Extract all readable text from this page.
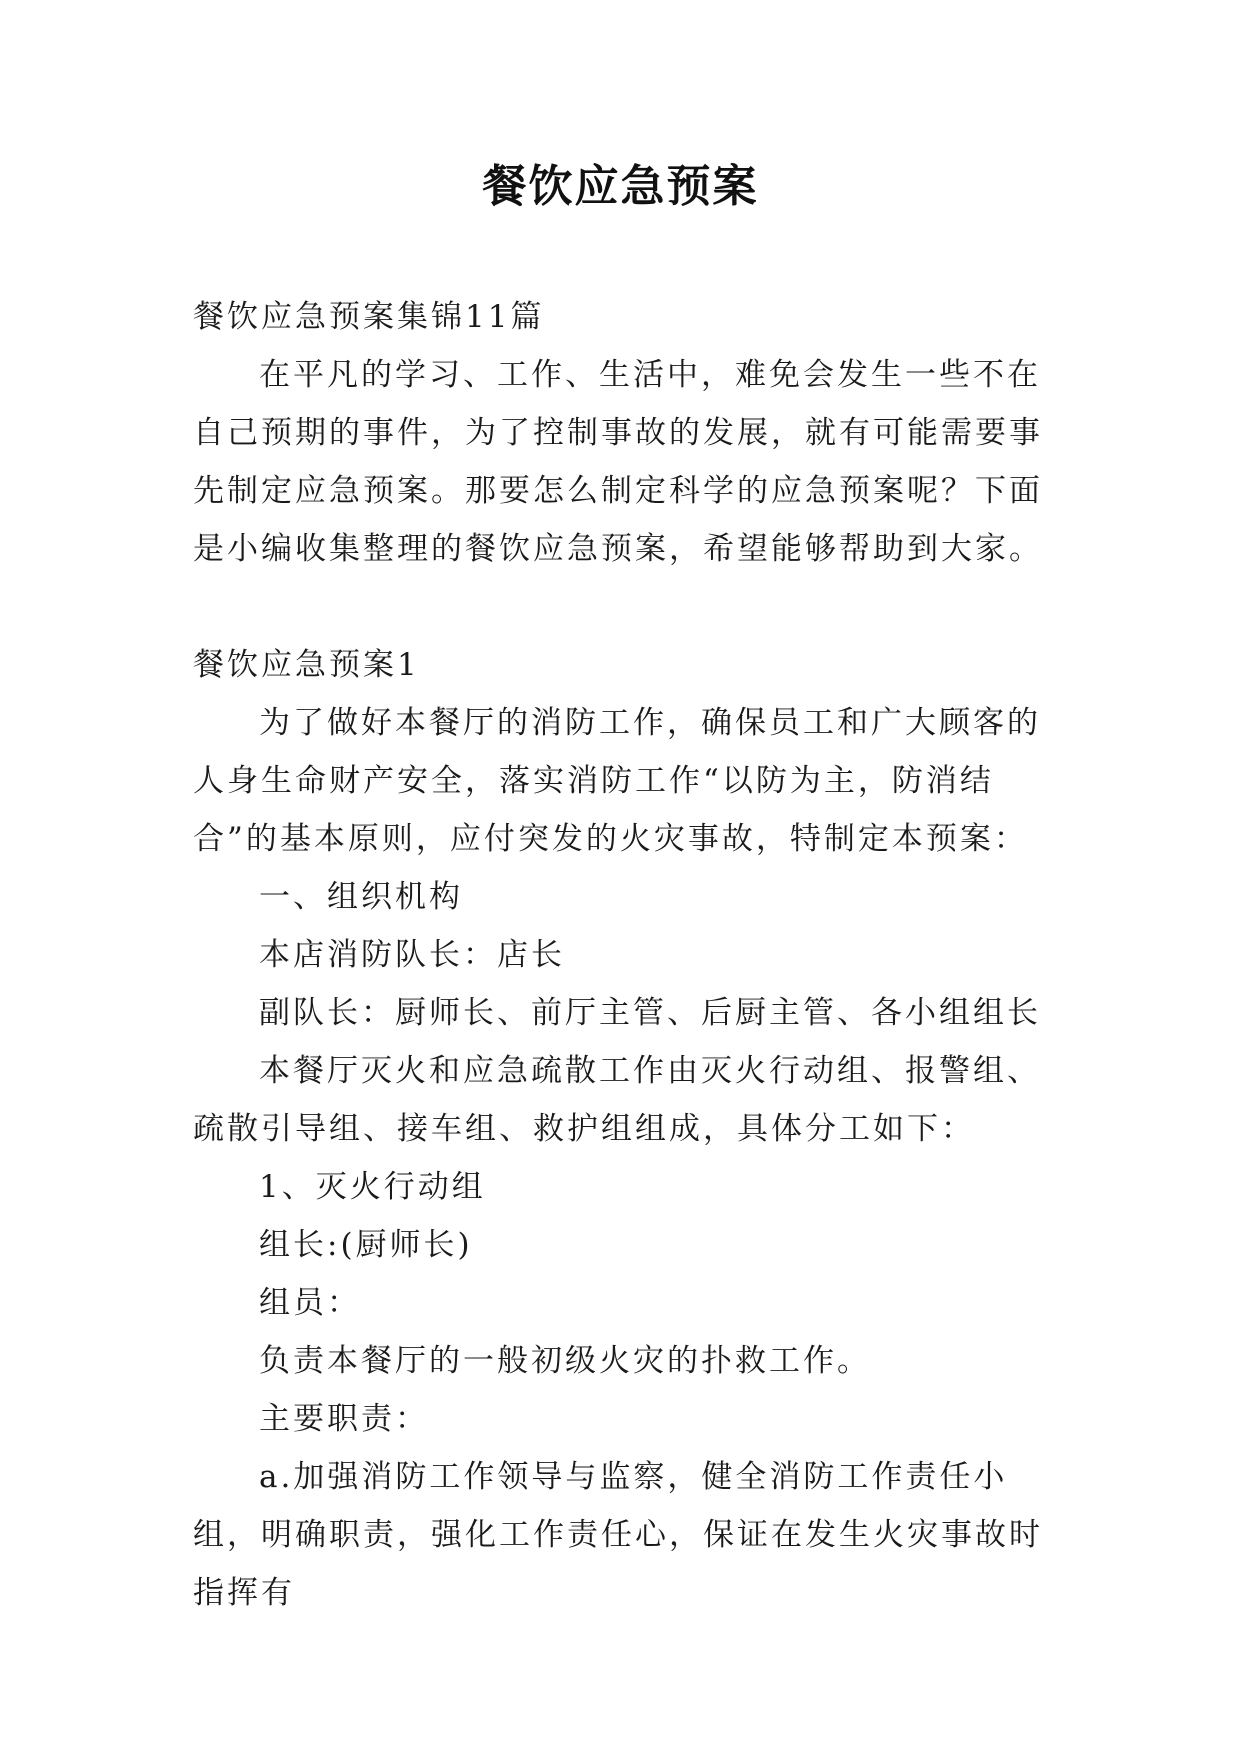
餐饮应急预案

餐饮应急预案集锦11篇

在平凡的学习、工作、生活中，难免会发生一些不在自己预期的事件，为了控制事故的发展，就有可能需要事先制定应急预案。那要怎么制定科学的应急预案呢？下面是小编收集整理的餐饮应急预案，希望能够帮助到大家。

餐饮应急预案1

为了做好本餐厅的消防工作，确保员工和广大顾客的人身生命财产安全，落实消防工作“以防为主，防消结合”的基本原则，应付突发的火灾事故，特制定本预案：

一、组织机构

本店消防队长：店长

副队长：厨师长、前厅主管、后厨主管、各小组组长

本餐厅灭火和应急疏散工作由灭火行动组、报警组、疏散引导组、接车组、救护组组成，具体分工如下：

1、灭火行动组

组长:(厨师长)

组员：

负责本餐厅的一般初级火灾的扑救工作。

主要职责：

a.加强消防工作领导与监察，健全消防工作责任小组，明确职责，强化工作责任心，保证在发生火灾事故时指挥有
